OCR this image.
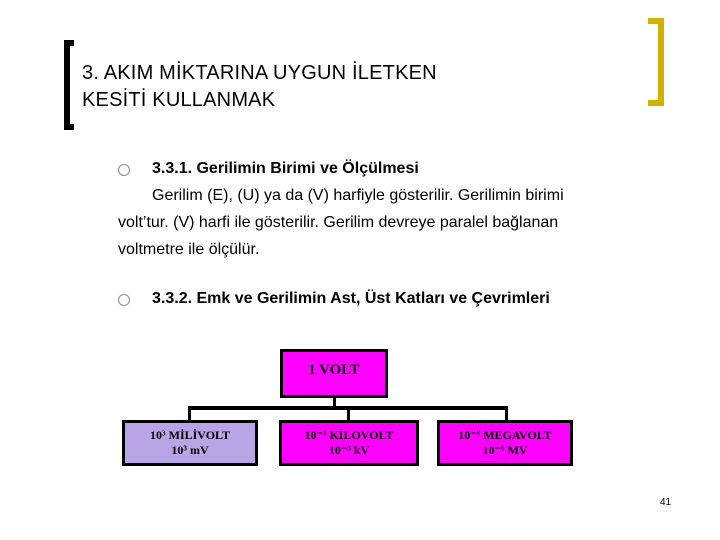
3. AKIM MİKTARINA UYGUN İLETKEN
KESİTİ KULLANMAK
3.3.1. Gerilimin Birimi ve Ölçülmesi
Gerilim (E), (U) ya da (V) harfiyle gösterilir. Gerilimin birimi
volt’tur. (V) harfi ile gösterilir. Gerilim devreye paralel bağlanan
voltmetre ile ölçülür.
3.3.2. Emk ve Gerilimin Ast, Üst Katları ve Çevrimleri
1 VOLT
10³ MİLİVOLT
10³ mV
10⁻³ KİLOVOLT
10⁻³ kV
10⁻⁶ MEGAVOLT
10⁻⁶ MV
41
